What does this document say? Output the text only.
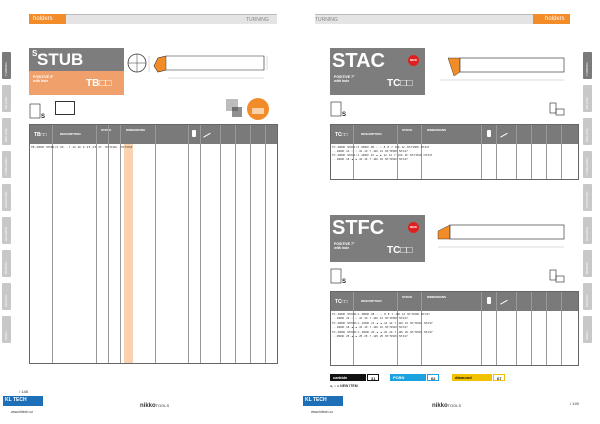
holders	TURNING
TURNING
MILLING
DRILLING
THREADING
GROOVING
REAMING
BORING
SPECIAL
INDEX
S STUB
POSITIVE 5°
with hole	TB□□
S
TB□□	DESCRIPTION
STOCK	DIMENSIONS
TB - 00000 · STUB1 / 5 · 00 · · · 7 · 10 · 20 · 0 · 3.5 · 4.5 · 27 · · NT-T1310 · · NT-T1710
KL TECH
/ 148
www.kltech.cz
nikkoTOOLS
TURNING	holders
TURNING
MILLING
DRILLING
THREADING
GROOVING
REAMING
BORING
SPECIAL
INDEX
STAC	NEW
POSITIVE 7°
with hole	TC□□
S
TC□□	DESCRIPTION
STOCK	DIMENSIONS
TC - 00000 · STAC1 / 6 · 00000 · 08 · ○ · ○ · 8 · 8 · 7 · 100 · 12 · NT-T1508 · NT-F17
· · · 10000 · 10 · ○ · ○ · 10 · 10 · 7 · 100 · 13 · NT-T1508 · NT-F17
TC - 00000 · STAC1 / 1 · 12000 · 12 · ● · ● · 12 · 12 · 7 · 100 · 16 · NT-T1510 · NT-F17
· · · 16000 · 16 · ● · ● · 16 · 16 · 7 · 100 · 16 · NT-T1510 · NT-F17
STFC	NEW
POSITIVE 7°
with hole	TC□□
S
TC□□	DESCRIPTION
STOCK	DIMENSIONS
TC - 00000 · STFCR / L · 08000 · 08 · ○ · ○ · 8 · 8 · 7 · 100 · 13 · NT-T1508 · NT-F17
· · · 10000 · 10 · ○ · ○ · 10 · 10 · 7 · 100 · 13 · NT-T1508 · NT-F17
TC - 00000 · STFCR / L · 12000 · 12 · ● · ● · 12 · 12 · 7 · 100 · 16 · NT-T1510 · NT-F17
· · · 16000 · 16 · ● · ● · 16 · 16 · 7 · 100 · 16 · NT-T1510 · NT-F17
TC - 00000 · STFCR / L · 20000 · 20 · ● · ● · 20 · 20 · 7 · 125 · 20 · NT-T1515 · NT-F17
· · · 25000 · 25 · ● · ● · 25 · 25 · 7 · 125 · 25 · NT-T1515 · NT-F17
carbide	31	PCBN	62	diamond	67
●, ○ = NEW ITEM
KL TECH
www.kltech.cz
nikkoTOOLS	/ 149
